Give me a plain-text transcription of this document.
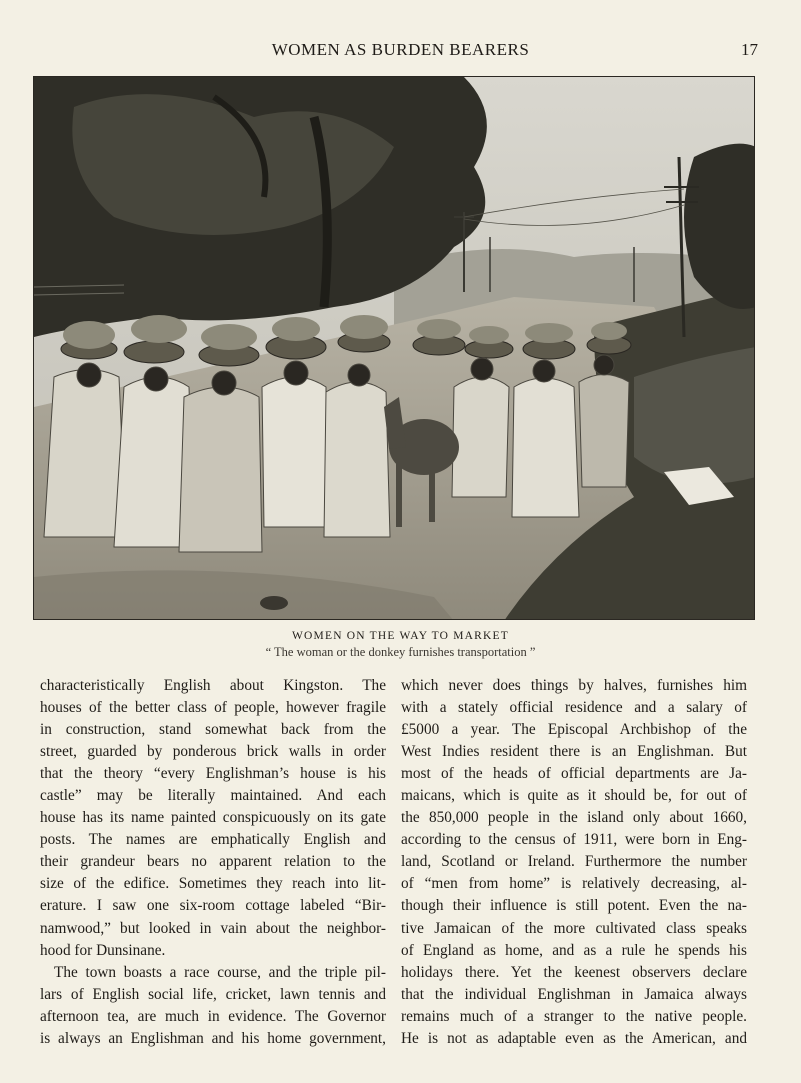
WOMEN AS BURDEN BEARERS	17
WOMEN ON THE WAY TO MARKET
“ The woman or the donkey furnishes transportation ”
characteristically English about Kingston. The
houses of the better class of people, however fragile
in construction, stand somewhat back from the
street, guarded by ponderous brick walls in order
that the theory “every Englishman’s house is his
castle” may be literally maintained. And each
house has its name painted conspicuously on its gate
posts. The names are emphatically English and
their grandeur bears no apparent relation to the
size of the edifice. Sometimes they reach into lit-
erature. I saw one six-room cottage labeled “Bir-
namwood,” but looked in vain about the neighbor-
hood for Dunsinane.
The town boasts a race course, and the triple pil-
lars of English social life, cricket, lawn tennis and
afternoon tea, are much in evidence. The Governor
is always an Englishman and his home government,
which never does things by halves, furnishes him
with a stately official residence and a salary of
£5000 a year. The Episcopal Archbishop of the
West Indies resident there is an Englishman. But
most of the heads of official departments are Ja-
maicans, which is quite as it should be, for out of
the 850,000 people in the island only about 1660,
according to the census of 1911, were born in Eng-
land, Scotland or Ireland. Furthermore the number
of “men from home” is relatively decreasing, al-
though their influence is still potent. Even the na-
tive Jamaican of the more cultivated class speaks
of England as home, and as a rule he spends his
holidays there. Yet the keenest observers declare
that the individual Englishman in Jamaica always
remains much of a stranger to the native people.
He is not as adaptable even as the American, and
